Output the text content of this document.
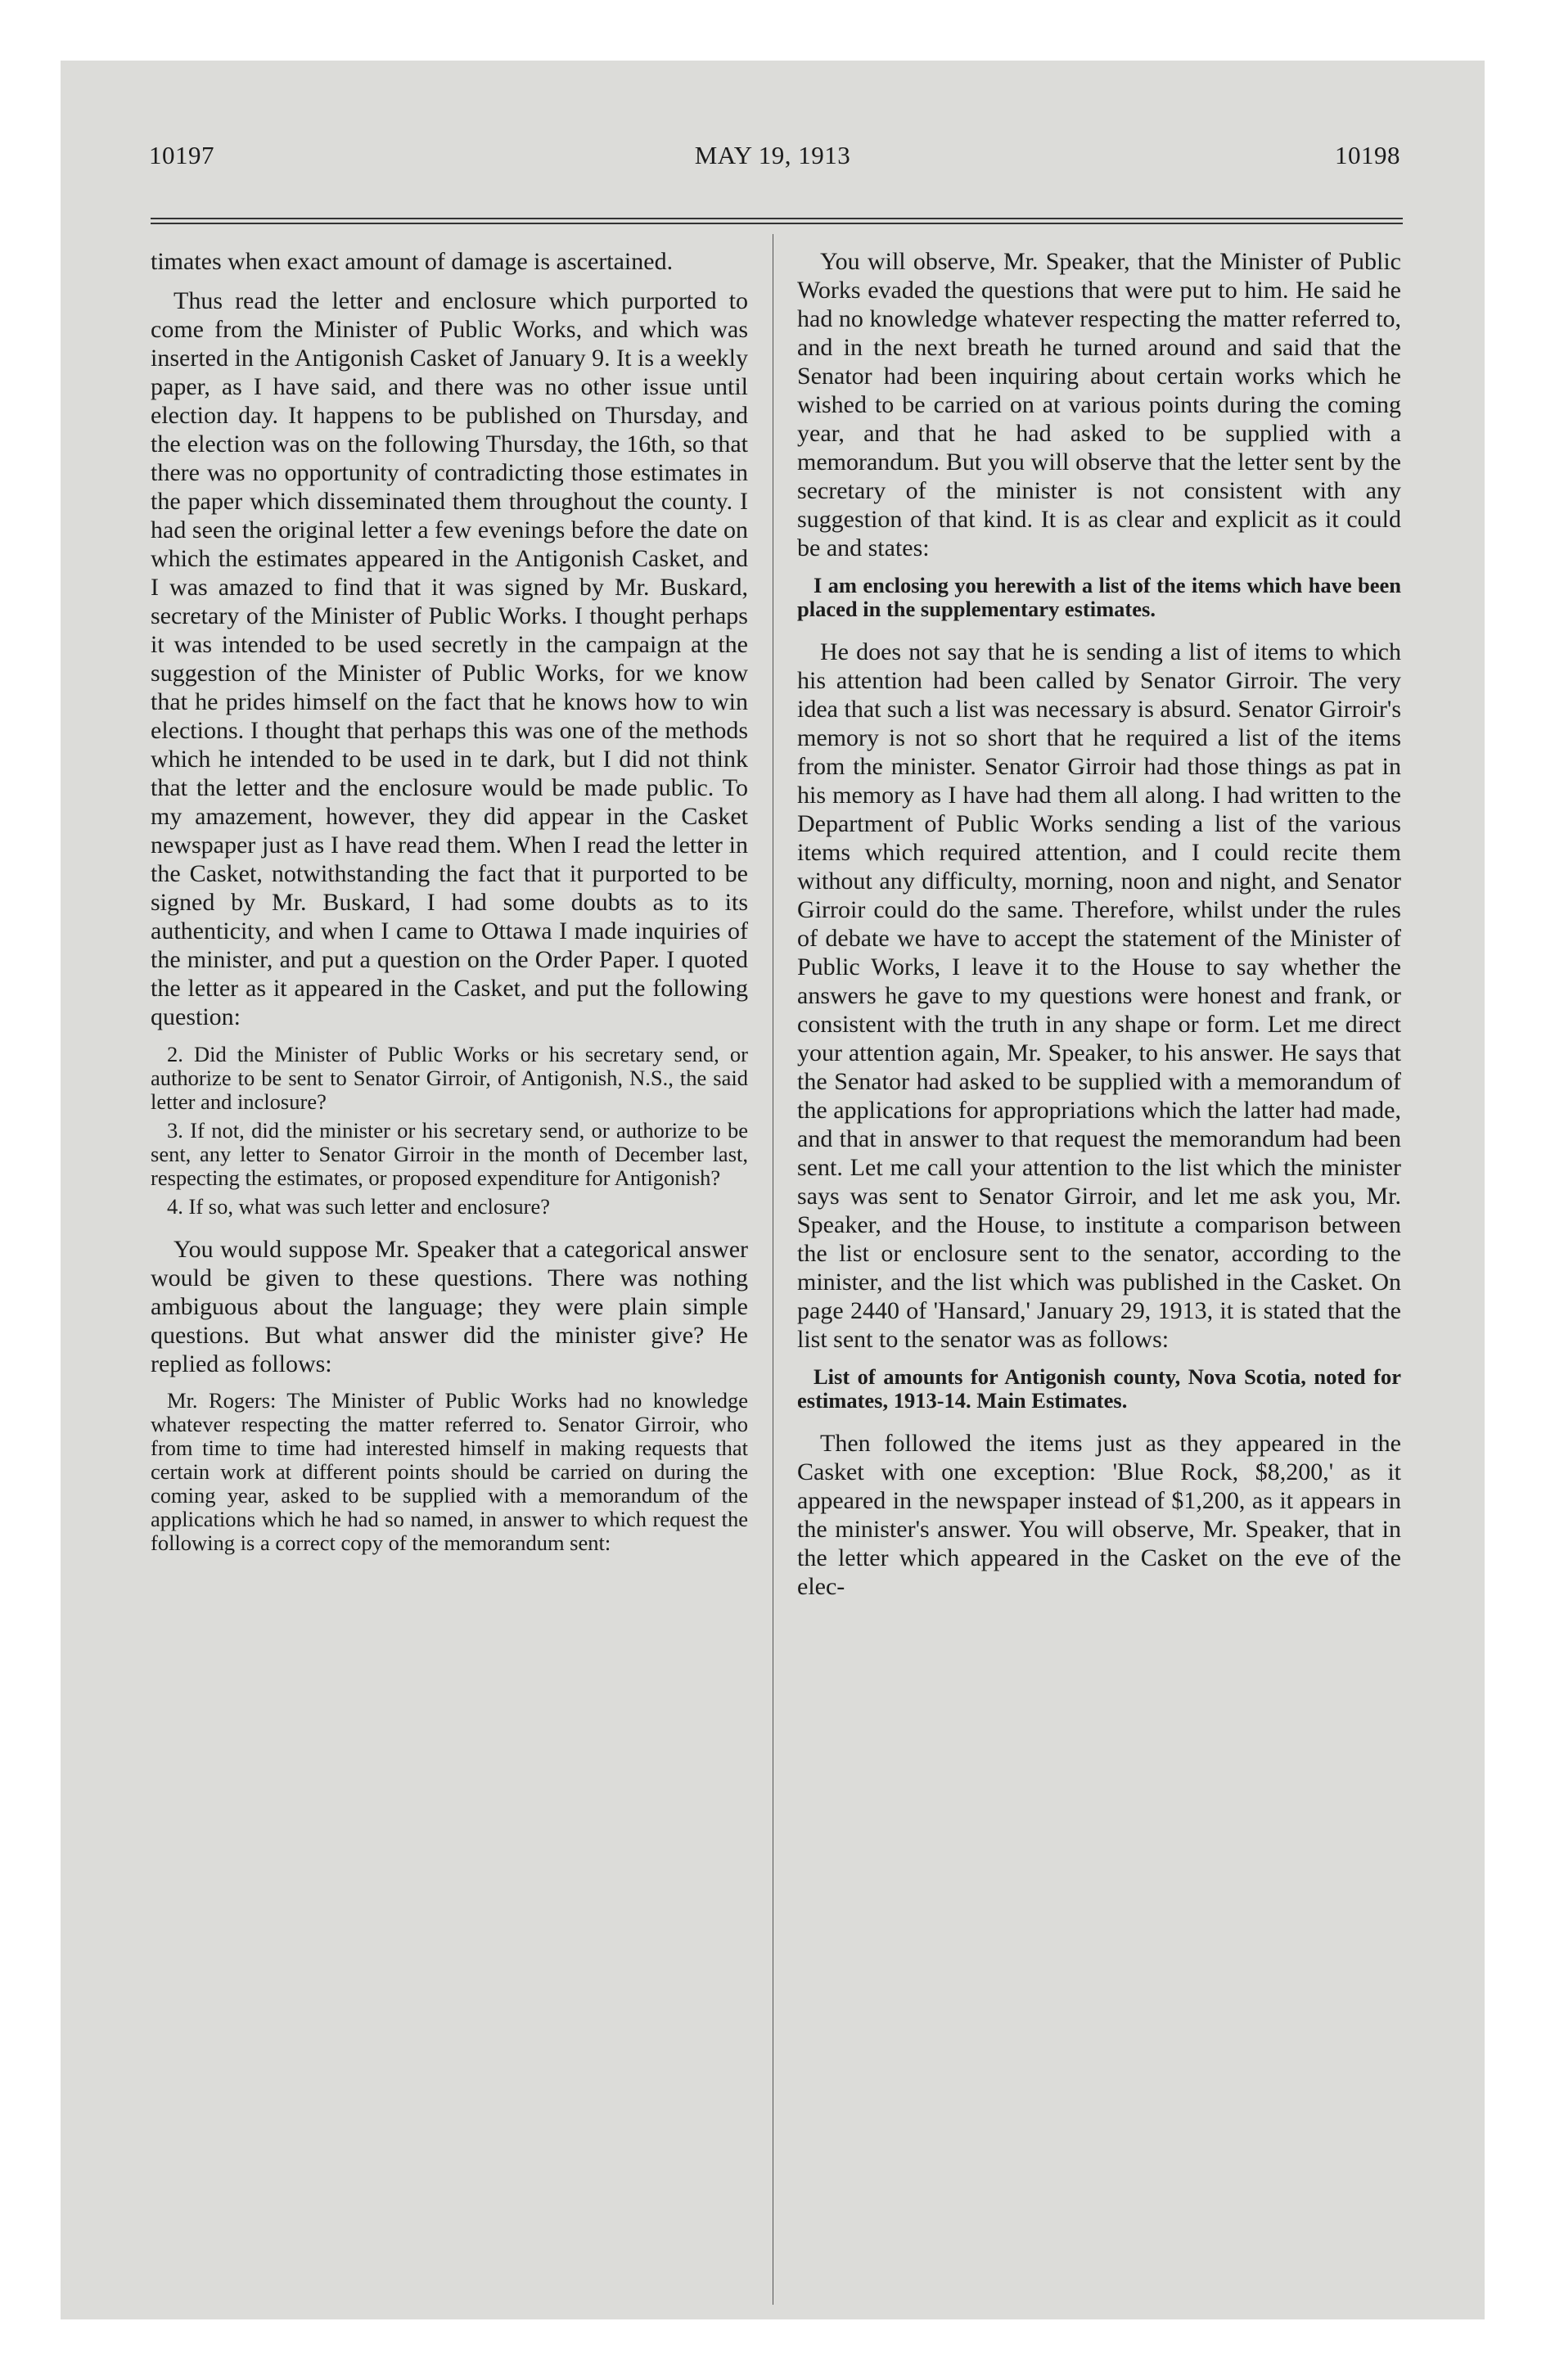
10197	MAY 19, 1913	10198

timates when exact amount of damage is ascertained.

Thus read the letter and enclosure which purported to come from the Minister of Public Works, and which was inserted in the Antigonish Casket of January 9. It is a weekly paper, as I have said, and there was no other issue until election day. It happens to be published on Thursday, and the election was on the following Thursday, the 16th, so that there was no opportunity of contradicting those estimates in the paper which disseminated them throughout the county. I had seen the original letter a few evenings before the date on which the estimates appeared in the Antigonish Casket, and I was amazed to find that it was signed by Mr. Buskard, secretary of the Minister of Public Works. I thought perhaps it was intended to be used secretly in the campaign at the suggestion of the Minister of Public Works, for we know that he prides himself on the fact that he knows how to win elections. I thought that perhaps this was one of the methods which he intended to be used in te dark, but I did not think that the letter and the enclosure would be made public. To my amazement, however, they did appear in the Casket newspaper just as I have read them. When I read the letter in the Casket, notwithstanding the fact that it purported to be signed by Mr. Buskard, I had some doubts as to its authenticity, and when I came to Ottawa I made inquiries of the minister, and put a question on the Order Paper. I quoted the letter as it appeared in the Casket, and put the following question:

2. Did the Minister of Public Works or his secretary send, or authorize to be sent to Senator Girroir, of Antigonish, N.S., the said letter and inclosure?

3. If not, did the minister or his secretary send, or authorize to be sent, any letter to Senator Girroir in the month of December last, respecting the estimates, or proposed expenditure for Antigonish?

4. If so, what was such letter and enclosure?

You would suppose Mr. Speaker that a categorical answer would be given to these questions. There was nothing ambiguous about the language; they were plain simple questions. But what answer did the minister give? He replied as follows:

Mr. Rogers: The Minister of Public Works had no knowledge whatever respecting the matter referred to. Senator Girroir, who from time to time had interested himself in making requests that certain work at different points should be carried on during the coming year, asked to be supplied with a memorandum of the applications which he had so named, in answer to which request the following is a correct copy of the memorandum sent:

You will observe, Mr. Speaker, that the Minister of Public Works evaded the questions that were put to him. He said he had no knowledge whatever respecting the matter referred to, and in the next breath he turned around and said that the Senator had been inquiring about certain works which he wished to be carried on at various points during the coming year, and that he had asked to be supplied with a memorandum. But you will observe that the letter sent by the secretary of the minister is not consistent with any suggestion of that kind. It is as clear and explicit as it could be and states:

I am enclosing you herewith a list of the items which have been placed in the supplementary estimates.

He does not say that he is sending a list of items to which his attention had been called by Senator Girroir. The very idea that such a list was necessary is absurd. Senator Girroir's memory is not so short that he required a list of the items from the minister. Senator Girroir had those things as pat in his memory as I have had them all along. I had written to the Department of Public Works sending a list of the various items which required attention, and I could recite them without any difficulty, morning, noon and night, and Senator Girroir could do the same. Therefore, whilst under the rules of debate we have to accept the statement of the Minister of Public Works, I leave it to the House to say whether the answers he gave to my questions were honest and frank, or consistent with the truth in any shape or form. Let me direct your attention again, Mr. Speaker, to his answer. He says that the Senator had asked to be supplied with a memorandum of the applications for appropriations which the latter had made, and that in answer to that request the memorandum had been sent. Let me call your attention to the list which the minister says was sent to Senator Girroir, and let me ask you, Mr. Speaker, and the House, to institute a comparison between the list or enclosure sent to the senator, according to the minister, and the list which was published in the Casket. On page 2440 of 'Hansard,' January 29, 1913, it is stated that the list sent to the senator was as follows:

List of amounts for Antigonish county, Nova Scotia, noted for estimates, 1913-14. Main Estimates.

Then followed the items just as they appeared in the Casket with one exception: 'Blue Rock, $8,200,' as it appeared in the newspaper instead of $1,200, as it appears in the minister's answer. You will observe, Mr. Speaker, that in the letter which appeared in the Casket on the eve of the elec-
